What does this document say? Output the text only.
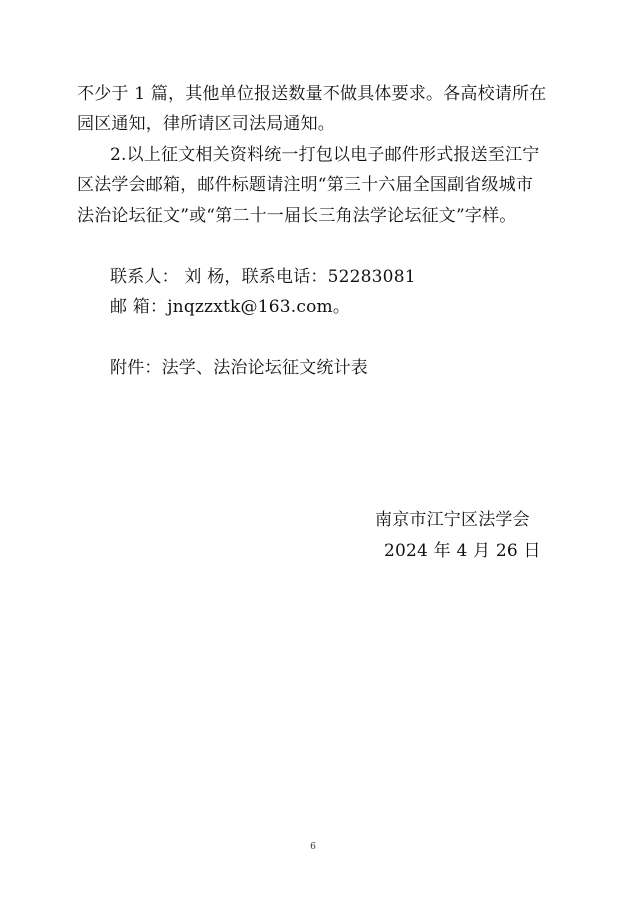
不少于 1 篇，其他单位报送数量不做具体要求。各高校请所在
园区通知，律所请区司法局通知。
2.以上征文相关资料统一打包以电子邮件形式报送至江宁
区法学会邮箱，邮件标题请注明“第三十六届全国副省级城市
法治论坛征文”或“第二十一届长三角法学论坛征文”字样。
联系人： 刘 杨，联系电话：52283081
邮 箱：jnqzzxtk@163.com。
附件：法学、法治论坛征文统计表
南京市江宁区法学会
2024 年 4 月 26 日
6
